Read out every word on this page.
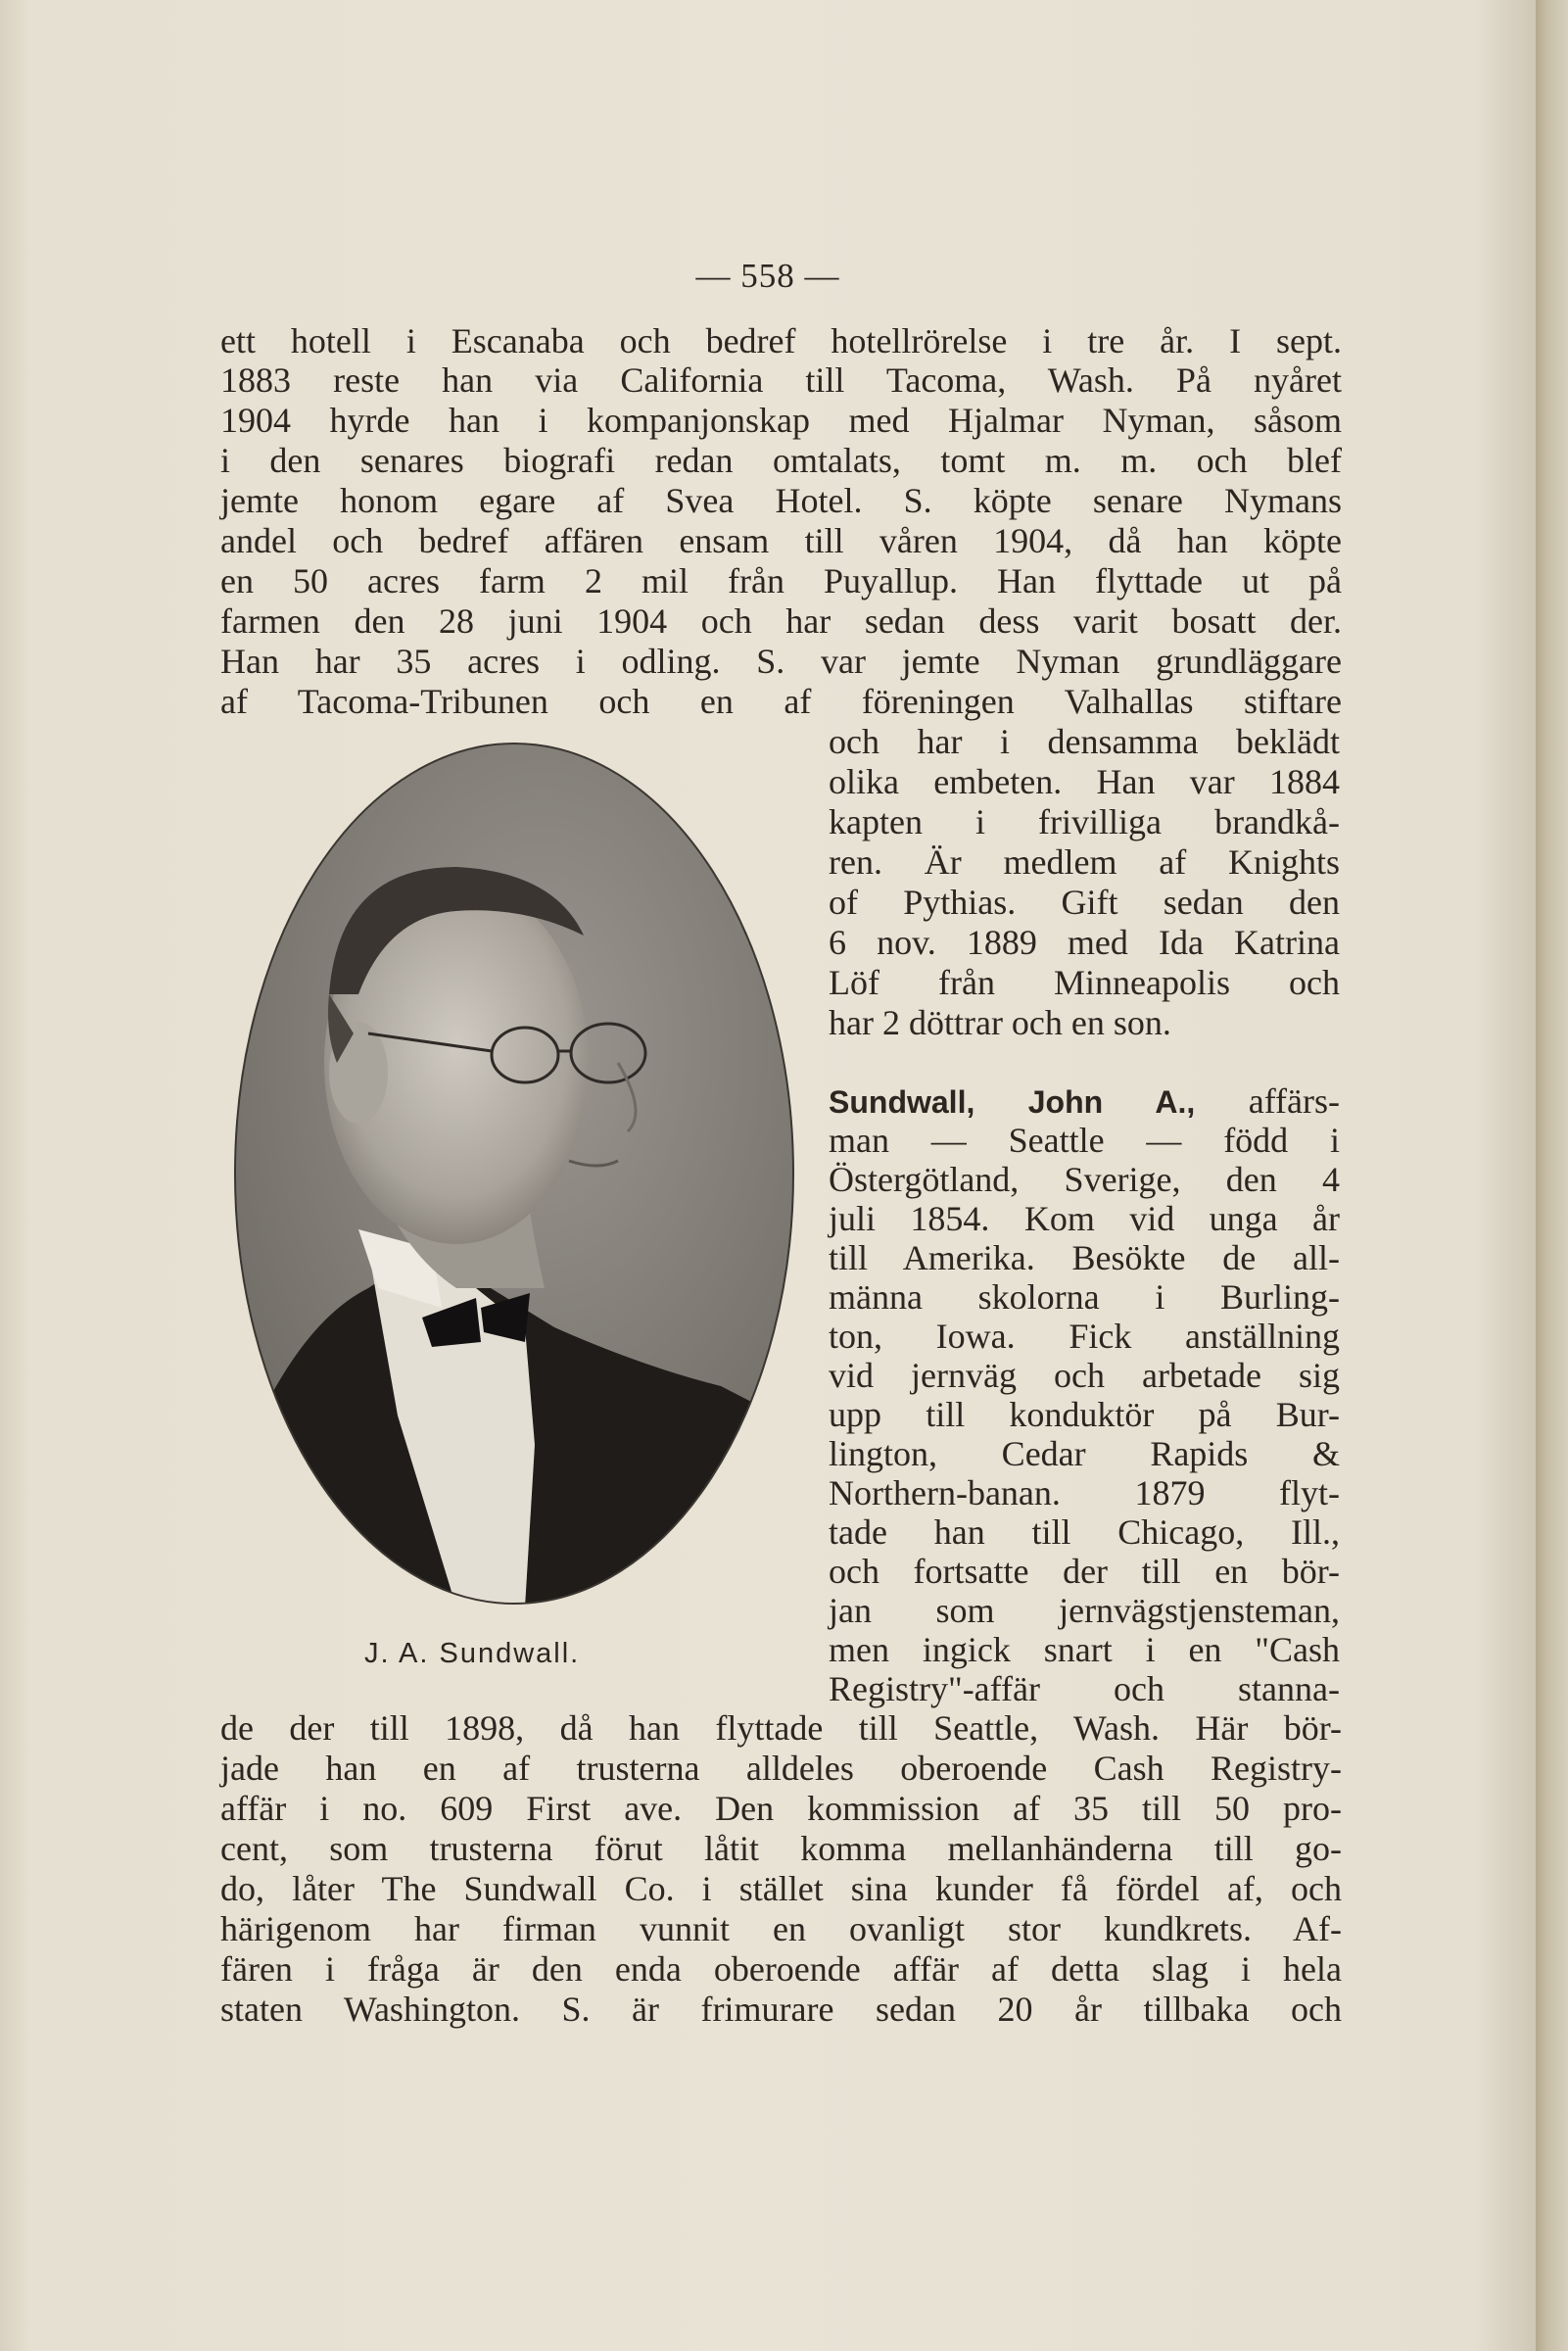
— 558 —
ett hotell i Escanaba och bedref hotellrörelse i tre år. I sept.
1883 reste han via California till Tacoma, Wash. På nyåret
1904 hyrde han i kompanjonskap med Hjalmar Nyman, såsom
i den senares biografi redan omtalats, tomt m. m. och blef
jemte honom egare af Svea Hotel. S. köpte senare Nymans
andel och bedref affären ensam till våren 1904, då han köpte
en 50 acres farm 2 mil från Puyallup. Han flyttade ut på
farmen den 28 juni 1904 och har sedan dess varit bosatt der.
Han har 35 acres i odling. S. var jemte Nyman grundläggare
af Tacoma-Tribunen och en af föreningen Valhallas stiftare
och har i densamma beklädt
olika embeten. Han var 1884
kapten i frivilliga brandkå-
ren. Är medlem af Knights
of Pythias. Gift sedan den
6 nov. 1889 med Ida Katrina
Löf från Minneapolis och
har 2 döttrar och en son.
Sundwall, John A., affärs-
man — Seattle — född i
Östergötland, Sverige, den 4
juli 1854. Kom vid unga år
till Amerika. Besökte de all-
männa skolorna i Burling-
ton, Iowa. Fick anställning
vid jernväg och arbetade sig
upp till konduktör på Bur-
lington, Cedar Rapids &
Northern-banan. 1879 flyt-
tade han till Chicago, Ill.,
och fortsatte der till en bör-
jan som jernvägstjensteman,
men ingick snart i en "Cash
Registry"-affär och stanna-
de der till 1898, då han flyttade till Seattle, Wash. Här bör-
jade han en af trusterna alldeles oberoende Cash Registry-
affär i no. 609 First ave. Den kommission af 35 till 50 pro-
cent, som trusterna förut låtit komma mellanhänderna till go-
do, låter The Sundwall Co. i stället sina kunder få fördel af, och
härigenom har firman vunnit en ovanligt stor kundkrets. Af-
fären i fråga är den enda oberoende affär af detta slag i hela
staten Washington. S. är frimurare sedan 20 år tillbaka och
J. A. Sundwall.
